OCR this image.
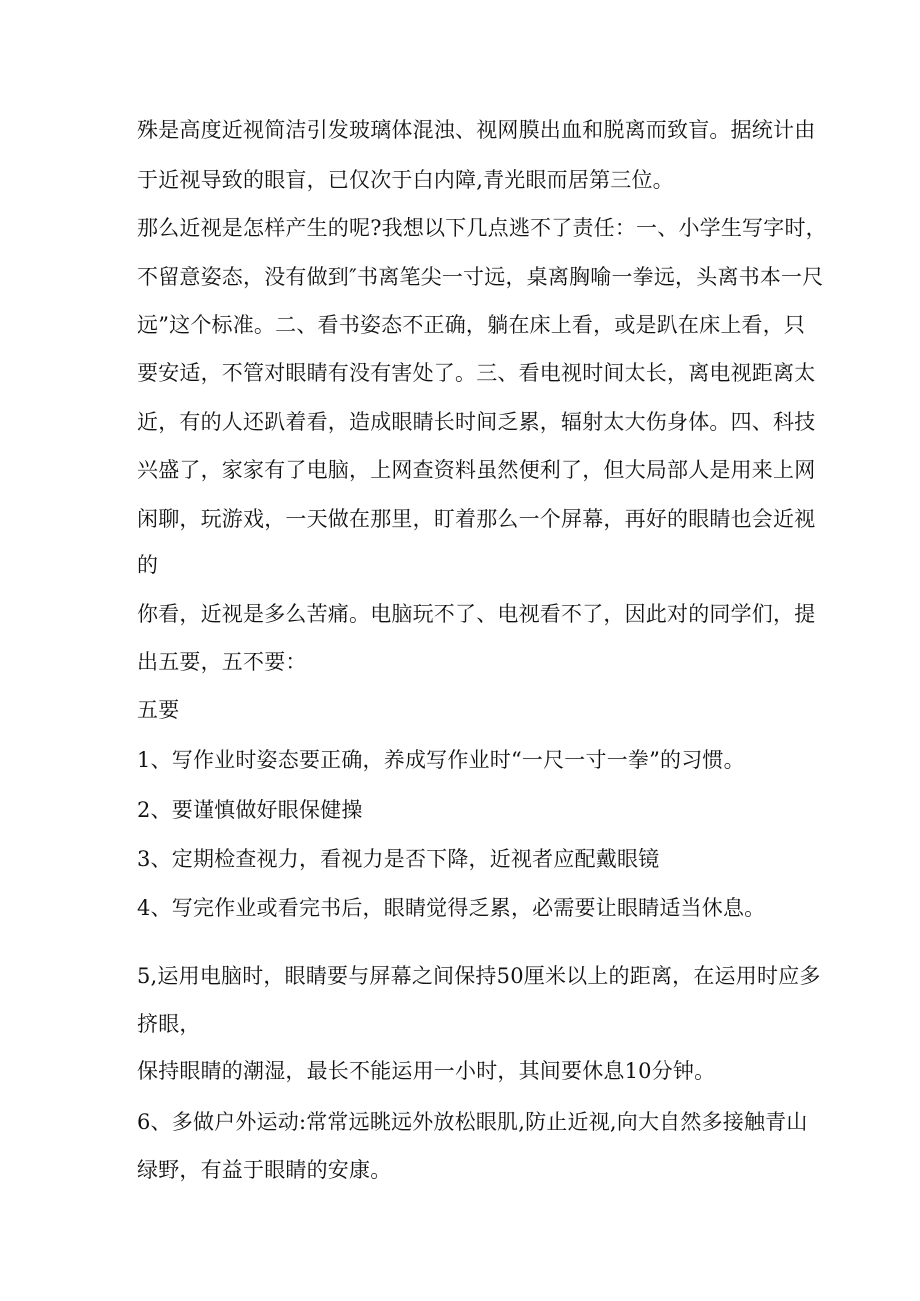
殊是高度近视简洁引发玻璃体混浊、视网膜出血和脱离而致盲。据统计由
于近视导致的眼盲，已仅次于白内障,青光眼而居第三位。
那么近视是怎样产生的呢?我想以下几点逃不了责任：一、小学生写字时，
不留意姿态，没有做到″书离笔尖一寸远，桌离胸喻一拳远，头离书本一尺
远”这个标准。二、看书姿态不正确，躺在床上看，或是趴在床上看，只
要安适，不管对眼睛有没有害处了。三、看电视时间太长，离电视距离太
近，有的人还趴着看，造成眼睛长时间乏累，辐射太大伤身体。四、科技
兴盛了，家家有了电脑，上网查资料虽然便利了，但大局部人是用来上网
闲聊，玩游戏，一天做在那里，盯着那么一个屏幕，再好的眼睛也会近视
的
你看，近视是多么苦痛。电脑玩不了、电视看不了，因此对的同学们，提
出五要，五不要：
五要
1、写作业时姿态要正确，养成写作业时“一尺一寸一拳”的习惯。
2、要谨慎做好眼保健操
3、定期检查视力，看视力是否下降，近视者应配戴眼镜
4、写完作业或看完书后，眼睛觉得乏累，必需要让眼睛适当休息。
5,运用电脑时，眼睛要与屏幕之间保持50厘米以上的距离，在运用时应多
挤眼，
保持眼睛的潮湿，最长不能运用一小时，其间要休息10分钟。
6、多做户外运动:常常远眺远外放松眼肌,防止近视,向大自然多接触青山
绿野，有益于眼睛的安康。
